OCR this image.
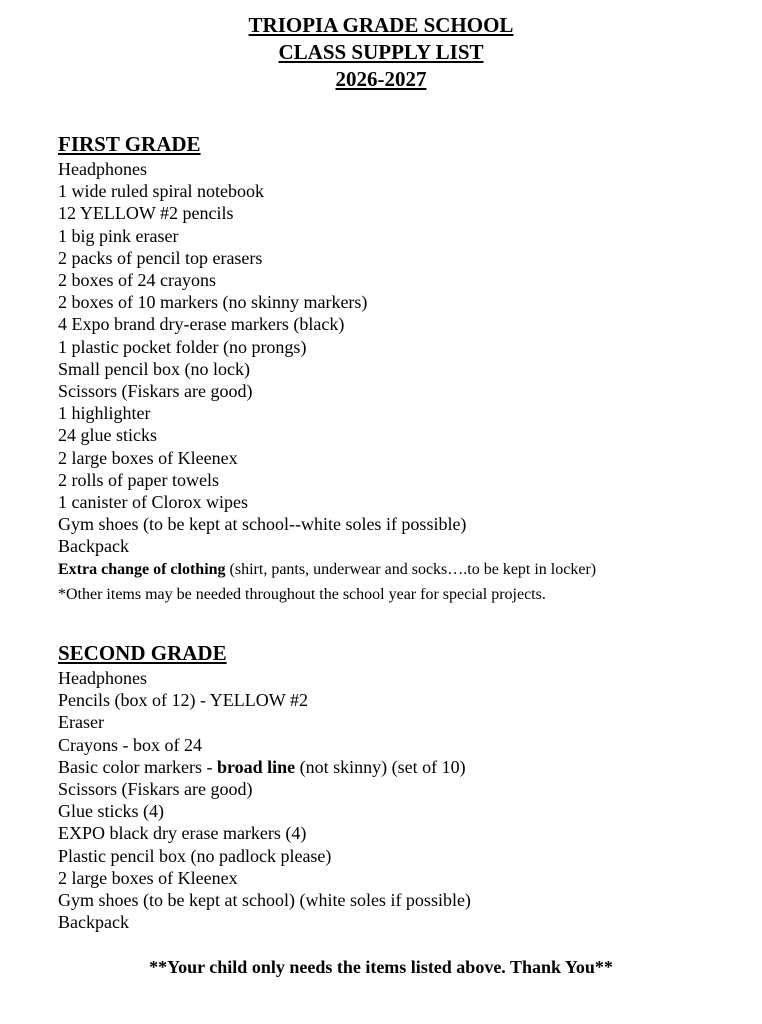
TRIOPIA GRADE SCHOOL
CLASS SUPPLY LIST
2026-2027
FIRST GRADE
Headphones
1 wide ruled spiral notebook
12 YELLOW #2 pencils
1 big pink eraser
2 packs of pencil top erasers
2 boxes of 24 crayons
2 boxes of 10 markers (no skinny markers)
4 Expo brand dry-erase markers (black)
1 plastic pocket folder (no prongs)
Small pencil box (no lock)
Scissors (Fiskars are good)
1 highlighter
24 glue sticks
2 large boxes of Kleenex
2 rolls of paper towels
1 canister of Clorox wipes
Gym shoes (to be kept at school--white soles if possible)
Backpack
Extra change of clothing (shirt, pants, underwear and socks….to be kept in locker)
*Other items may be needed throughout the school year for special projects.
SECOND GRADE
Headphones
Pencils (box of 12) - YELLOW #2
Eraser
Crayons - box of 24
Basic color markers - broad line (not skinny) (set of 10)
Scissors (Fiskars are good)
Glue sticks (4)
EXPO black dry erase markers (4)
Plastic pencil box (no padlock please)
2 large boxes of Kleenex
Gym shoes (to be kept at school) (white soles if possible)
Backpack
**Your child only needs the items listed above. Thank You**
